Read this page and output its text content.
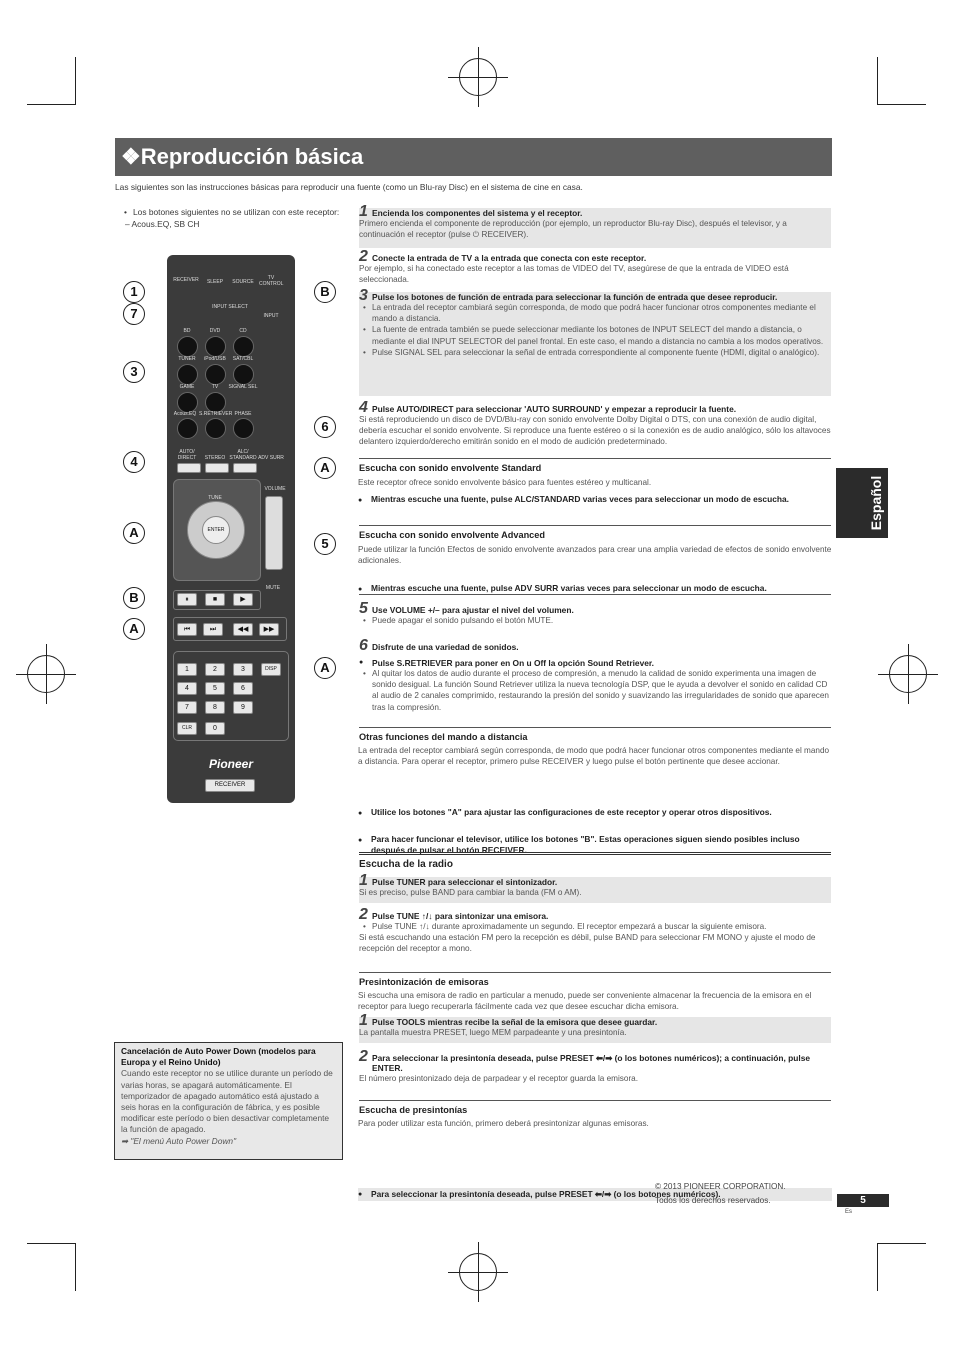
❖Reproducción básica
Las siguientes son las instrucciones básicas para reproducir una fuente (como un Blu-ray Disc) en el sistema de cine en casa.
• Los botones siguientes no se utilizan con este receptor:
– Acous.EQ, SB CH
RECEIVER	SLEEP	SOURCE
TV CONTROL
INPUT
INPUT SELECT
BD	DVD	CD
TUNER	iPod/USB	SAT/CBL
GAME	TV	SIGNAL SEL
Acous.EQ S.RETRIEVER PHASE
AUTO/ DIRECT	STEREO
ALC/ STANDARD ADV SURR
ENTER
TUNE
VOLUME
MUTE
⏸	■	▶
⏮	⏭	◀◀	▶▶
1	2	3	DISP
4	5	6
7	8	9
CLR	0
Pioneer
RECEIVER
1
7
3
4
A
B
A
B
6
A
5
A
1 Encienda los componentes del sistema y el receptor.
Primero encienda el componente de reproducción (por ejemplo, un reproductor Blu-ray Disc), después el televisor, y a continuación el receptor (pulse ⏻ RECEIVER).
2 Conecte la entrada de TV a la entrada que conecta con este receptor.
Por ejemplo, si ha conectado este receptor a las tomas de VIDEO del TV, asegúrese de que la entrada de VIDEO está seleccionada.
3 Pulse los botones de función de entrada para seleccionar la función de entrada que desee reproducir.
• La entrada del receptor cambiará según corresponda, de modo que podrá hacer funcionar otros componentes mediante el mando a distancia.
• La fuente de entrada también se puede seleccionar mediante los botones de INPUT SELECT del mando a distancia, o mediante el dial INPUT SELECTOR del panel frontal. En este caso, el mando a distancia no cambia a los modos operativos.
• Pulse SIGNAL SEL para seleccionar la señal de entrada correspondiente al componente fuente (HDMI, digital o analógico).
4 Pulse AUTO/DIRECT para seleccionar 'AUTO SURROUND' y empezar a reproducir la fuente.
Si está reproduciendo un disco de DVD/Blu-ray con sonido envolvente Dolby Digital o DTS, con una conexión de audio digital, debería escuchar el sonido envolvente. Si reproduce una fuente estéreo o si la conexión es de audio analógico, sólo los altavoces delantero izquierdo/derecho emitirán sonido en el modo de audición predeterminado.
Escucha con sonido envolvente Standard
Este receptor ofrece sonido envolvente básico para fuentes estéreo y multicanal.
● Mientras escuche una fuente, pulse ALC/STANDARD varias veces para seleccionar un modo de escucha.
Escucha con sonido envolvente Advanced
Puede utilizar la función Efectos de sonido envolvente avanzados para crear una amplia variedad de efectos de sonido envolvente adicionales.
● Mientras escuche una fuente, pulse ADV SURR varias veces para seleccionar un modo de escucha.
5 Use VOLUME +/– para ajustar el nivel del volumen.
• Puede apagar el sonido pulsando el botón MUTE.
6 Disfrute de una variedad de sonidos.
● Pulse S.RETRIEVER para poner en On u Off la opción Sound Retriever.
• Al quitar los datos de audio durante el proceso de compresión, a menudo la calidad de sonido experimenta una imagen de sonido desigual. La función Sound Retriever utiliza la nueva tecnología DSP, que le ayuda a devolver el sonido en calidad CD al audio de 2 canales comprimido, restaurando la presión del sonido y suavizando las irregularidades de sonido que aparecen tras la compresión.
Otras funciones del mando a distancia
La entrada del receptor cambiará según corresponda, de modo que podrá hacer funcionar otros componentes mediante el mando a distancia. Para operar el receptor, primero pulse RECEIVER y luego pulse el botón pertinente que desee accionar.
● Utilice los botones "A" para ajustar las configuraciones de este receptor y operar otros dispositivos.
● Para hacer funcionar el televisor, utilice los botones "B". Estas operaciones siguen siendo posibles incluso después de pulsar el botón RECEIVER.
Escucha de la radio
1 Pulse TUNER para seleccionar el sintonizador.
Si es preciso, pulse BAND para cambiar la banda (FM o AM).
2 Pulse TUNE ↑/↓ para sintonizar una emisora.
• Pulse TUNE ↑/↓ durante aproximadamente un segundo. El receptor empezará a buscar la siguiente emisora.
Si está escuchando una estación FM pero la recepción es débil, pulse BAND para seleccionar FM MONO y ajuste el modo de recepción del receptor a mono.
Presintonización de emisoras
Si escucha una emisora de radio en particular a menudo, puede ser conveniente almacenar la frecuencia de la emisora en el receptor para luego recuperarla fácilmente cada vez que desee escuchar dicha emisora.
1 Pulse TOOLS mientras recibe la señal de la emisora que desee guardar.
La pantalla muestra PRESET, luego MEM parpadeante y una presintonía.
2 Para seleccionar la presintonía deseada, pulse PRESET ⬅/➡ (o los botones numéricos); a continuación, pulse ENTER.
El número presintonizado deja de parpadear y el receptor guarda la emisora.
Escucha de presintonías
Para poder utilizar esta función, primero deberá presintonizar algunas emisoras.
● Para seleccionar la presintonía deseada, pulse PRESET ⬅/➡ (o los botones numéricos).
Español
Cancelación de Auto Power Down (modelos para Europa y el Reino Unido)
Cuando este receptor no se utilice durante un período de varias horas, se apagará automáticamente. El temporizador de apagado automático está ajustado a seis horas en la configuración de fábrica, y es posible modificar este período o bien desactivar completamente la función de apagado.
➡ "El menú Auto Power Down"
© 2013 PIONEER CORPORATION.
Todos los derechos reservados.	5
Es
